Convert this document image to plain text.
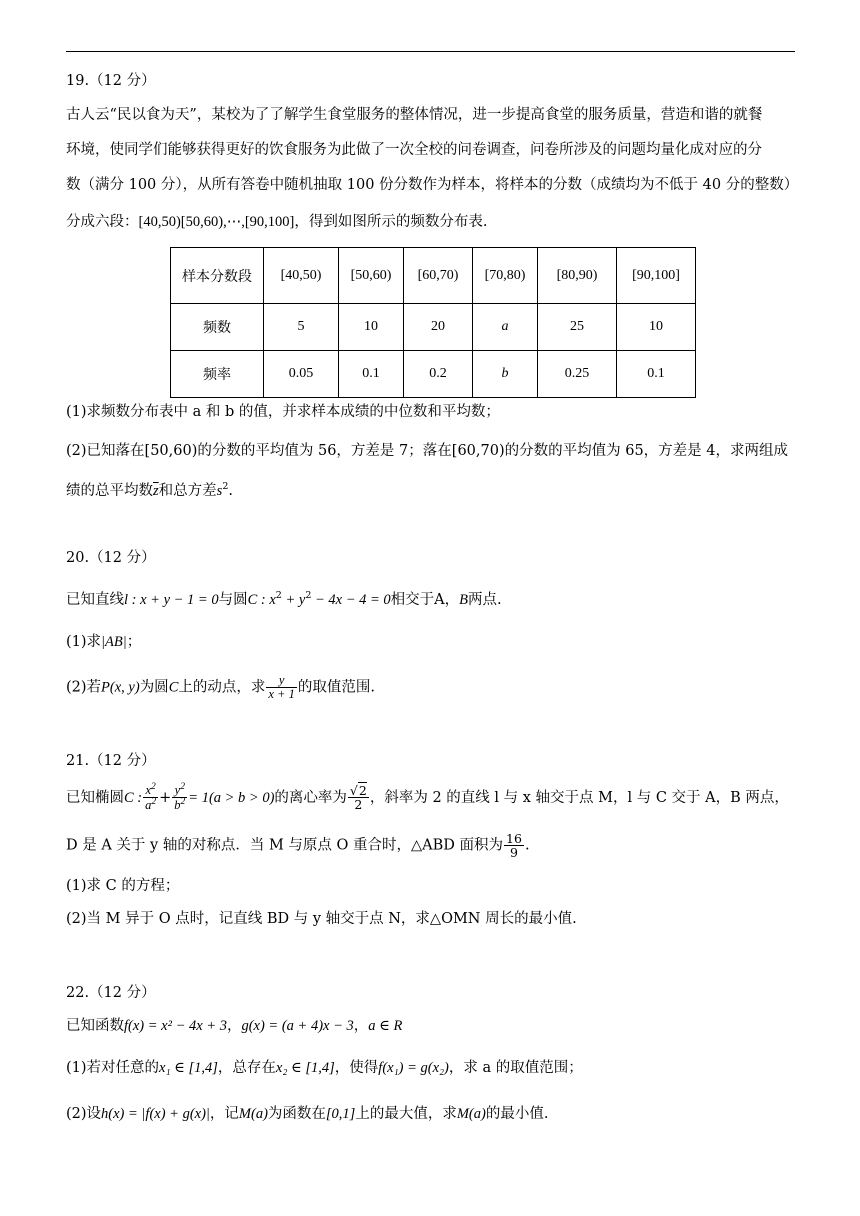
19.（12 分）
古人云“民以食为天”，某校为了了解学生食堂服务的整体情况，进一步提高食堂的服务质量，营造和谐的就餐
环境，使同学们能够获得更好的饮食服务为此做了一次全校的问卷调查，问卷所涉及的问题均量化成对应的分
数（满分 100 分），从所有答卷中随机抽取 100 份分数作为样本，将样本的分数（成绩均为不低于 40 分的整数）
分成六段：[40,50)[50,60),⋯,[90,100]，得到如图所示的频数分布表.
样本分数段	[40,50)	[50,60)	[60,70)	[70,80)	[80,90)	[90,100]
频数	5	10	20	a	25	10
频率	0.05	0.1	0.2	b	0.25	0.1
(1)求频数分布表中 a 和 b 的值，并求样本成绩的中位数和平均数；
(2)已知落在[50,60)的分数的平均值为 56，方差是 7；落在[60,70)的分数的平均值为 65，方差是 4，求两组成
绩的总平均数$\overline{z}$和总方差$s^2$.
20.（12 分）
已知直线l : x + y − 1 = 0与圆C : $x^2 + y^2 - 4x - 4 = 0$相交于A，B两点.
(1)求|AB|；
(2)若P(x, y)为圆C上的动点，求 $\frac{y}{x + 1}$ 的取值范围.
21.（12 分）
已知椭圆C : $\frac{x^2}{a^2} + \frac{y^2}{b^2} = 1(a > b > 0)$的离心率为 $\frac{√2}{2}$ ，斜率为 2 的直线 l 与 x 轴交于点 M，l 与 C 交于 A，B 两点，
D 是 A 关于 y 轴的对称点．当 M 与原点 O 重合时，△ABD 面积为 $\frac{16}{9}$ .
(1)求 C 的方程；
(2)当 M 异于 O 点时，记直线 BD 与 y 轴交于点 N，求△OMN 周长的最小值.
22.（12 分）
已知函数f(x) = x² − 4x + 3，g(x) = (a + 4)x − 3，a ∈ R
(1)若对任意的x₁ ∈ [1,4]，总存在x₂ ∈ [1,4]，使得f(x₁) = g(x₂)，求 a 的取值范围；
(2)设h(x) = |f(x) + g(x)|，记M(a)为函数在[0,1]上的最大值，求M(a)的最小值.
